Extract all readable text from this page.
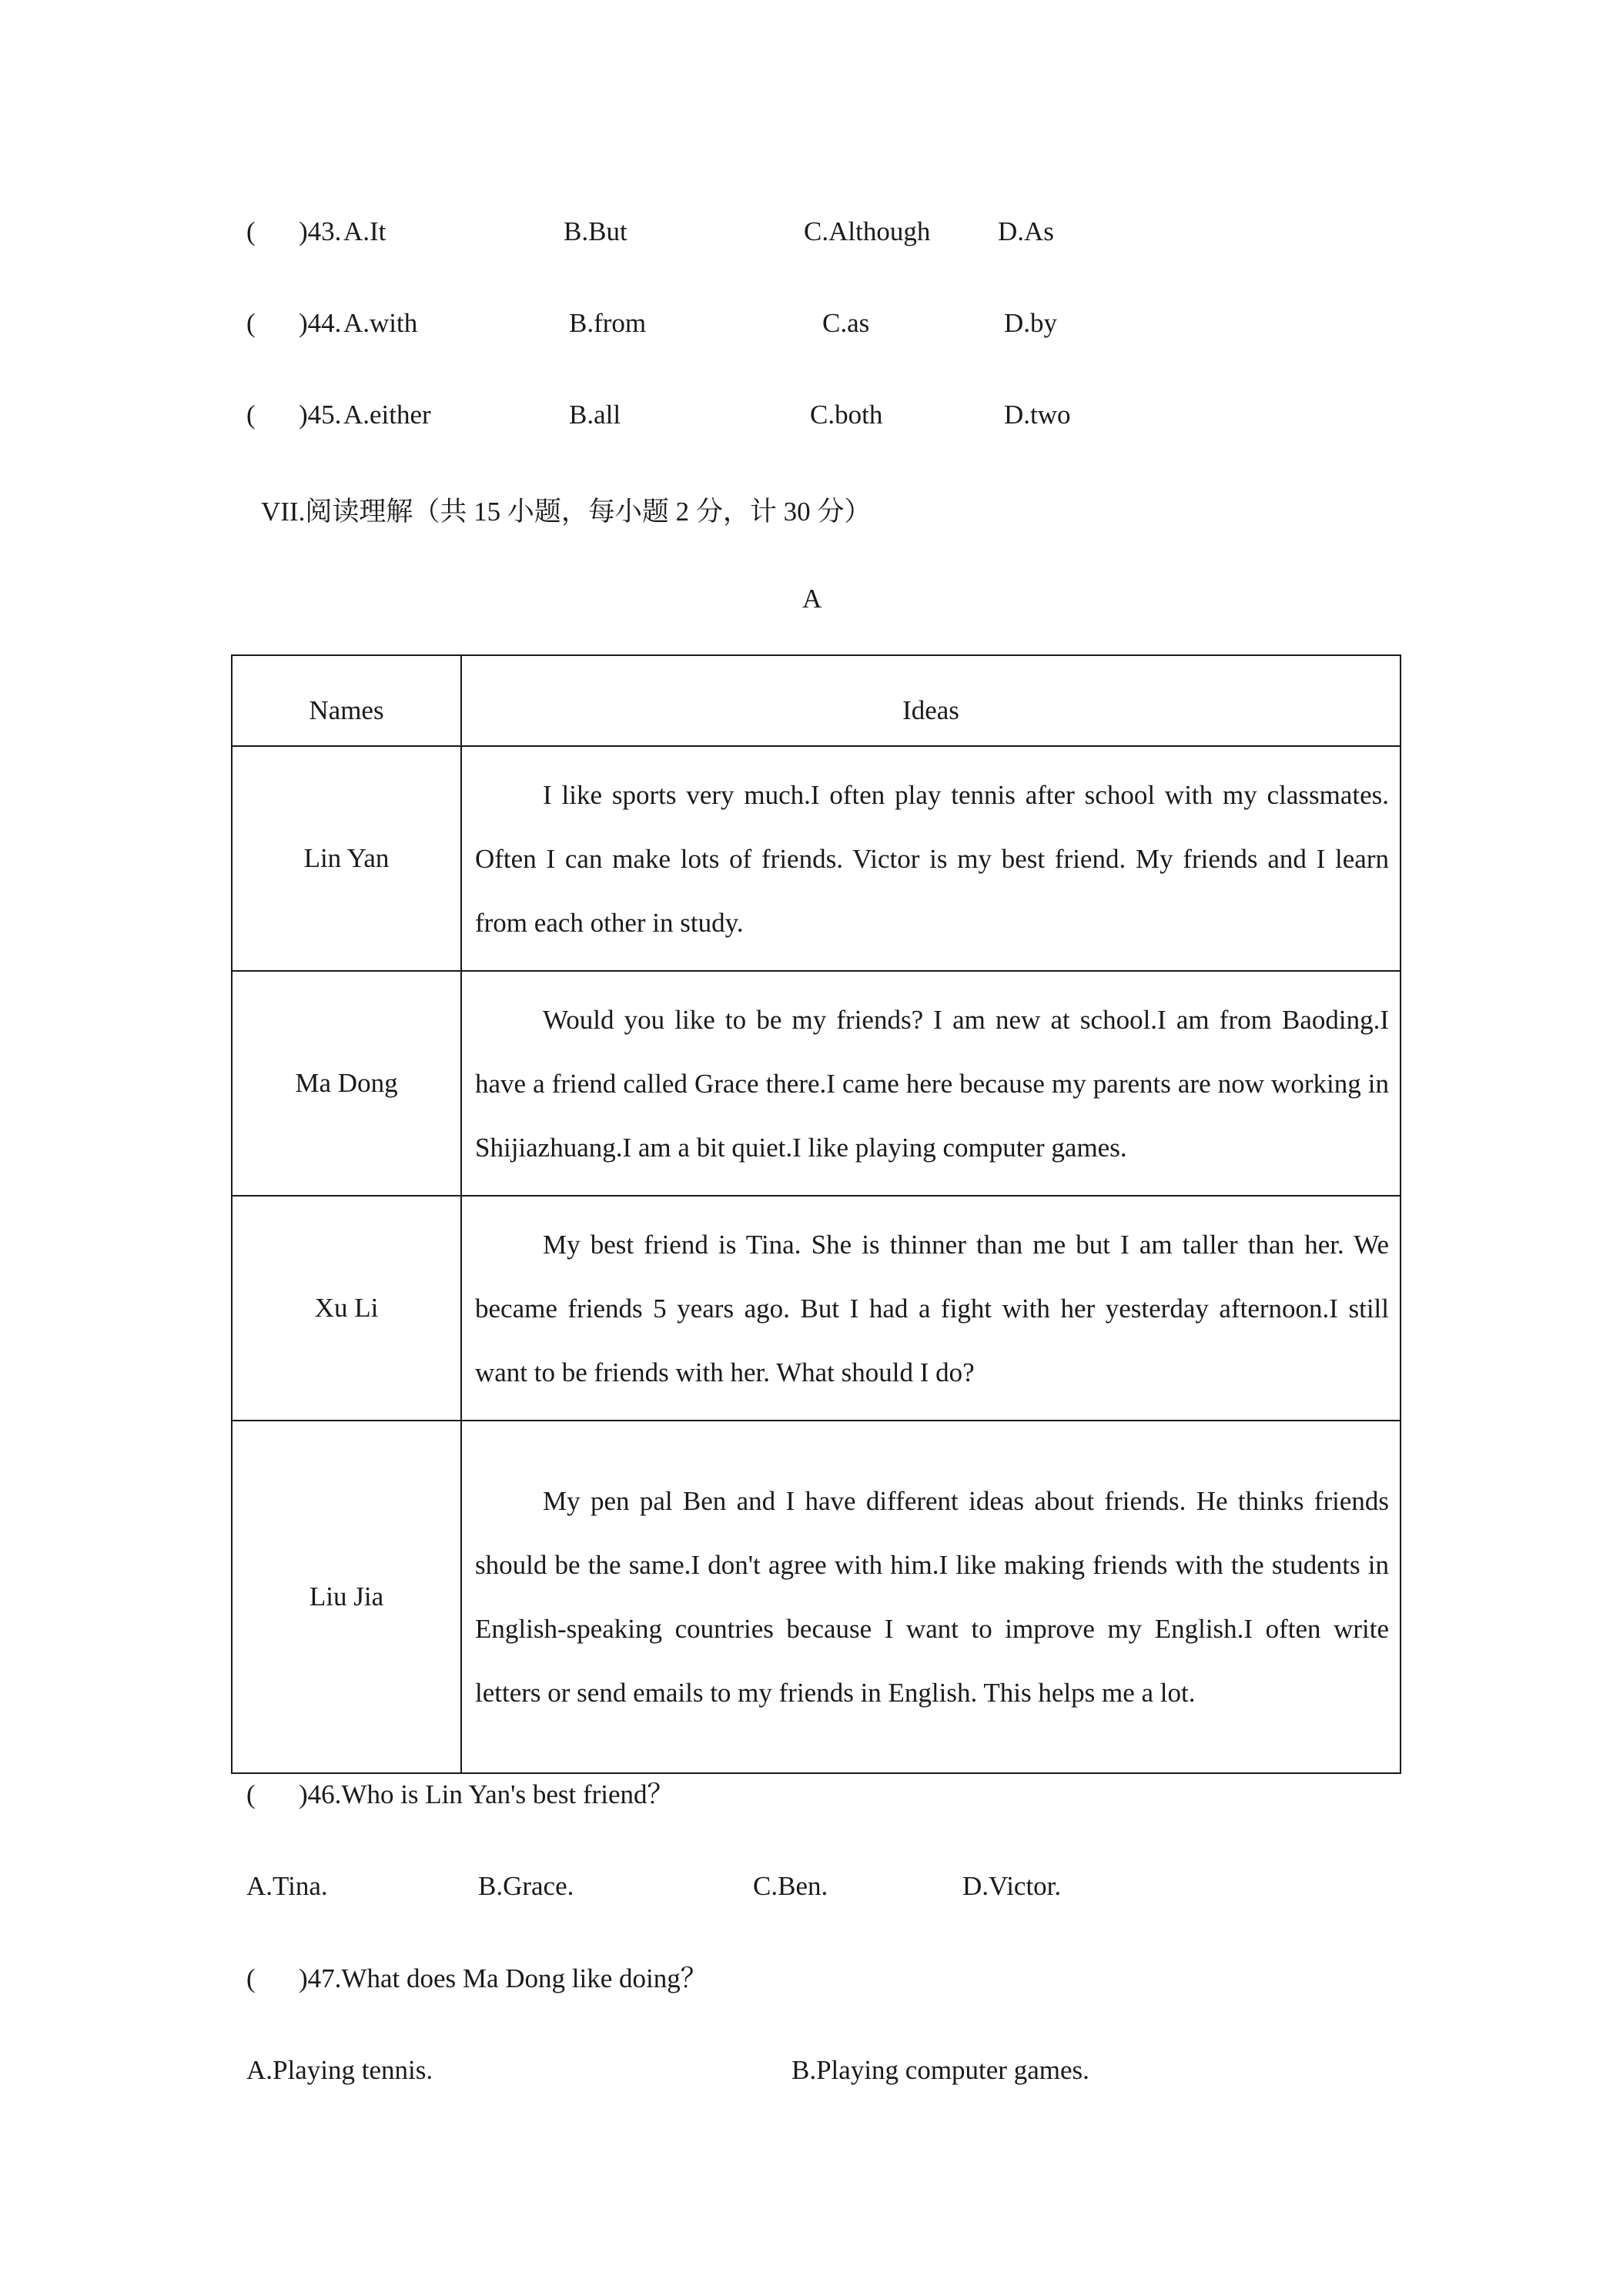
( )43. A.It	B.But	C.Although	D.As
( )44. A.with	B.from	C.as	D.by
( )45. A.either	B.all	C.both	D.two
VII.阅读理解（共 15 小题，每小题 2 分，计 30 分）
A
Names	Ideas
Lin Yan	I like sports very much.I often play tennis after school with my classmates. Often I can make lots of friends. Victor is my best friend. My friends and I learn from each other in study.

Ma Dong	Would you like to be my friends? I am new at school.I am from Baoding.I have a friend called Grace there.I came here because my parents are now working in Shijiazhuang.I am a bit quiet.I like playing computer games.

Xu Li	My best friend is Tina. She is thinner than me but I am taller than her. We became friends 5 years ago. But I had a fight with her yesterday afternoon.I still want to be friends with her. What should I do?

Liu Jia	My pen pal Ben and I have different ideas about friends. He thinks friends should be the same.I don't agree with him.I like making friends with the students in English-speaking countries because I want to improve my English.I often write letters or send emails to my friends in English. This helps me a lot.
( )46.Who is Lin Yan's best friend？
A.Tina.	B.Grace.	C.Ben.	D.Victor.
( )47.What does Ma Dong like doing？
A.Playing tennis.	B.Playing computer games.
